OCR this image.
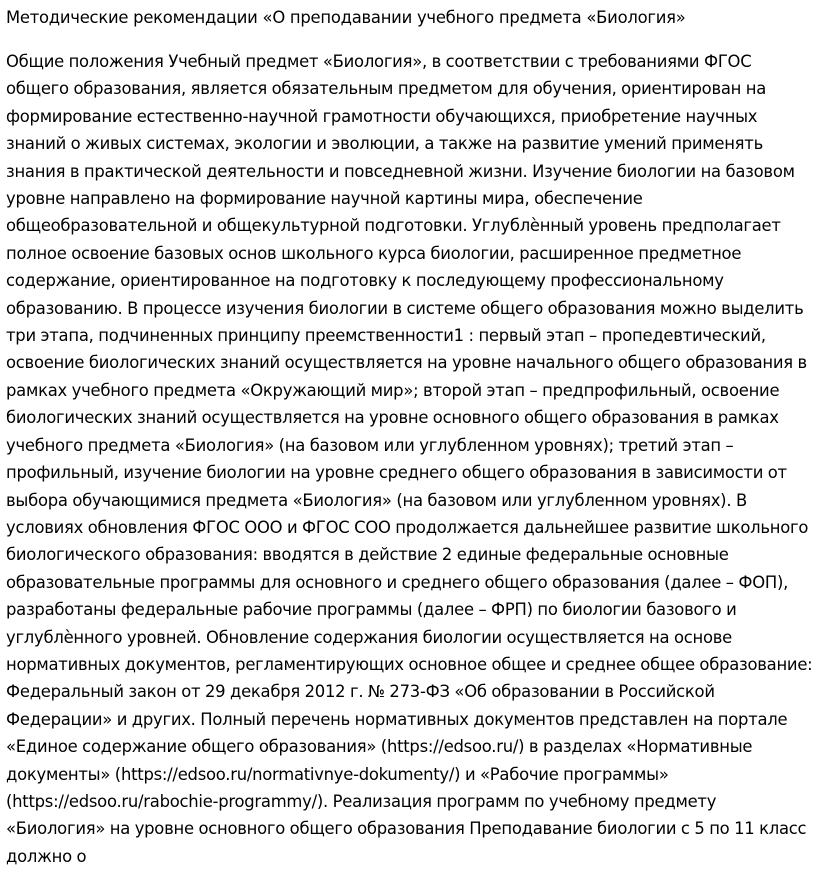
Методические рекомендации «О преподавании учебного предмета «Биология»

Общие положения Учебный предмет «Биология», в соответствии с требованиями ФГОС общего образования, является обязательным предметом для обучения, ориентирован на формирование естественно-научной грамотности обучающихся, приобретение научных знаний о живых системах, экологии и эволюции, а также на развитие умений применять знания в практической деятельности и повседневной жизни. Изучение биологии на базовом уровне направлено на формирование научной картины мира, обеспечение общеобразовательной и общекультурной подготовки. Углублѐнный уровень предполагает полное освоение базовых основ школьного курса биологии, расширенное предметное содержание, ориентированное на подготовку к последующему профессиональному образованию. В процессе изучения биологии в системе общего образования можно выделить три этапа, подчиненных принципу преемственности1 : первый этап – пропедевтический, освоение биологических знаний осуществляется на уровне начального общего образования в рамках учебного предмета «Окружающий мир»; второй этап – предпрофильный, освоение биологических знаний осуществляется на уровне основного общего образования в рамках учебного предмета «Биология» (на базовом или углубленном уровнях); третий этап – профильный, изучение биологии на уровне среднего общего образования в зависимости от выбора обучающимися предмета «Биология» (на базовом или углубленном уровнях). В условиях обновления ФГОС ООО и ФГОС СОО продолжается дальнейшее развитие школьного биологического образования: вводятся в действие 2 единые федеральные основные образовательные программы для основного и среднего общего образования (далее – ФОП), разработаны федеральные рабочие программы (далее – ФРП) по биологии базового и углублѐнного уровней. Обновление содержания биологии осуществляется на основе нормативных документов, регламентирующих основное общее и среднее общее образование: Федеральный закон от 29 декабря 2012 г. № 273-ФЗ «Об образовании в Российской Федерации» и других. Полный перечень нормативных документов представлен на портале «Единое содержание общего образования» (https://edsoo.ru/) в разделах «Нормативные документы» (https://edsoo.ru/normativnye-dokumenty/) и «Рабочие программы» (https://edsoo.ru/rabochie-programmy/). Реализация программ по учебному предмету «Биология» на уровне основного общего образования Преподавание биологии с 5 по 11 класс должно о
